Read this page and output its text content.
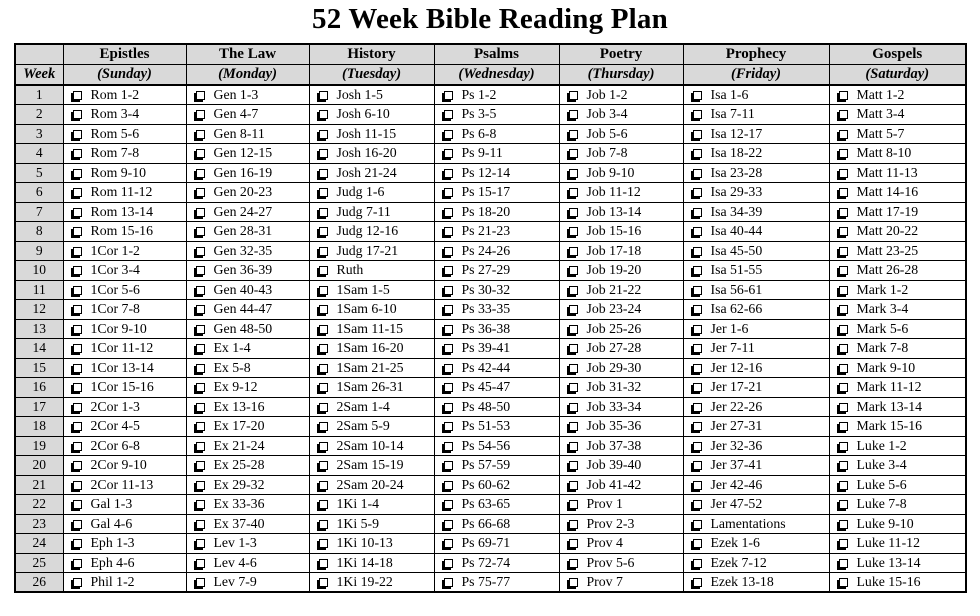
52 Week Bible Reading Plan
	Epistles	The Law	History	Psalms	Poetry	Prophecy	Gospels
Week	(Sunday)	(Monday)	(Tuesday)	(Wednesday)	(Thursday)	(Friday)	(Saturday)
1	Rom 1-2	Gen 1-3	Josh 1-5	Ps 1-2	Job 1-2	Isa 1-6	Matt 1-2
2	Rom 3-4	Gen 4-7	Josh 6-10	Ps 3-5	Job 3-4	Isa 7-11	Matt 3-4
3	Rom 5-6	Gen 8-11	Josh 11-15	Ps 6-8	Job 5-6	Isa 12-17	Matt 5-7
4	Rom 7-8	Gen 12-15	Josh 16-20	Ps 9-11	Job 7-8	Isa 18-22	Matt 8-10
5	Rom 9-10	Gen 16-19	Josh 21-24	Ps 12-14	Job 9-10	Isa 23-28	Matt 11-13
6	Rom 11-12	Gen 20-23	Judg 1-6	Ps 15-17	Job 11-12	Isa 29-33	Matt 14-16
7	Rom 13-14	Gen 24-27	Judg 7-11	Ps 18-20	Job 13-14	Isa 34-39	Matt 17-19
8	Rom 15-16	Gen 28-31	Judg 12-16	Ps 21-23	Job 15-16	Isa 40-44	Matt 20-22
9	1Cor 1-2	Gen 32-35	Judg 17-21	Ps 24-26	Job 17-18	Isa 45-50	Matt 23-25
10	1Cor 3-4	Gen 36-39	Ruth	Ps 27-29	Job 19-20	Isa 51-55	Matt 26-28
11	1Cor 5-6	Gen 40-43	1Sam 1-5	Ps 30-32	Job 21-22	Isa 56-61	Mark 1-2
12	1Cor 7-8	Gen 44-47	1Sam 6-10	Ps 33-35	Job 23-24	Isa 62-66	Mark 3-4
13	1Cor 9-10	Gen 48-50	1Sam 11-15	Ps 36-38	Job 25-26	Jer 1-6	Mark 5-6
14	1Cor 11-12	Ex 1-4	1Sam 16-20	Ps 39-41	Job 27-28	Jer 7-11	Mark 7-8
15	1Cor 13-14	Ex 5-8	1Sam 21-25	Ps 42-44	Job 29-30	Jer 12-16	Mark 9-10
16	1Cor 15-16	Ex 9-12	1Sam 26-31	Ps 45-47	Job 31-32	Jer 17-21	Mark 11-12
17	2Cor 1-3	Ex 13-16	2Sam 1-4	Ps 48-50	Job 33-34	Jer 22-26	Mark 13-14
18	2Cor 4-5	Ex 17-20	2Sam 5-9	Ps 51-53	Job 35-36	Jer 27-31	Mark 15-16
19	2Cor 6-8	Ex 21-24	2Sam 10-14	Ps 54-56	Job 37-38	Jer 32-36	Luke 1-2
20	2Cor 9-10	Ex 25-28	2Sam 15-19	Ps 57-59	Job 39-40	Jer 37-41	Luke 3-4
21	2Cor 11-13	Ex 29-32	2Sam 20-24	Ps 60-62	Job 41-42	Jer 42-46	Luke 5-6
22	Gal 1-3	Ex 33-36	1Ki 1-4	Ps 63-65	Prov 1	Jer 47-52	Luke 7-8
23	Gal 4-6	Ex 37-40	1Ki 5-9	Ps 66-68	Prov 2-3	Lamentations	Luke 9-10
24	Eph 1-3	Lev 1-3	1Ki 10-13	Ps 69-71	Prov 4	Ezek 1-6	Luke 11-12
25	Eph 4-6	Lev 4-6	1Ki 14-18	Ps 72-74	Prov 5-6	Ezek 7-12	Luke 13-14
26	Phil 1-2	Lev 7-9	1Ki 19-22	Ps 75-77	Prov 7	Ezek 13-18	Luke 15-16
